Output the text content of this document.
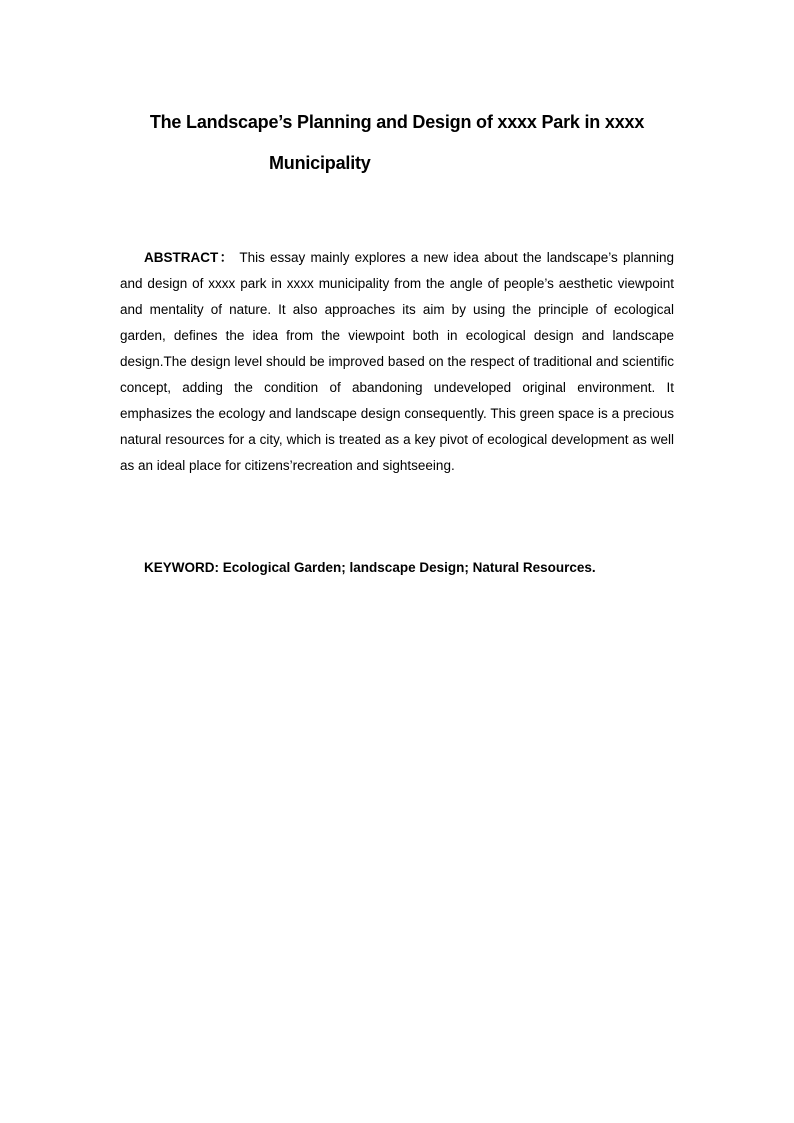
The Landscape’s Planning and Design of xxxx Park in xxxx
Municipality

ABSTRACT： This essay mainly explores a new idea about the landscape’s planning and design of xxxx park in xxxx municipality from the angle of people’s aesthetic viewpoint and mentality of nature. It also approaches its aim by using the principle of ecological garden, defines the idea from the viewpoint both in ecological design and landscape design.The design level should be improved based on the respect of traditional and scientific concept, adding the condition of abandoning undeveloped original environment. It emphasizes the ecology and landscape design consequently. This green space is a precious natural resources for a city, which is treated as a key pivot of ecological development as well as an ideal place for citizens’recreation and sightseeing.

KEYWORD: Ecological Garden; landscape Design; Natural Resources.
